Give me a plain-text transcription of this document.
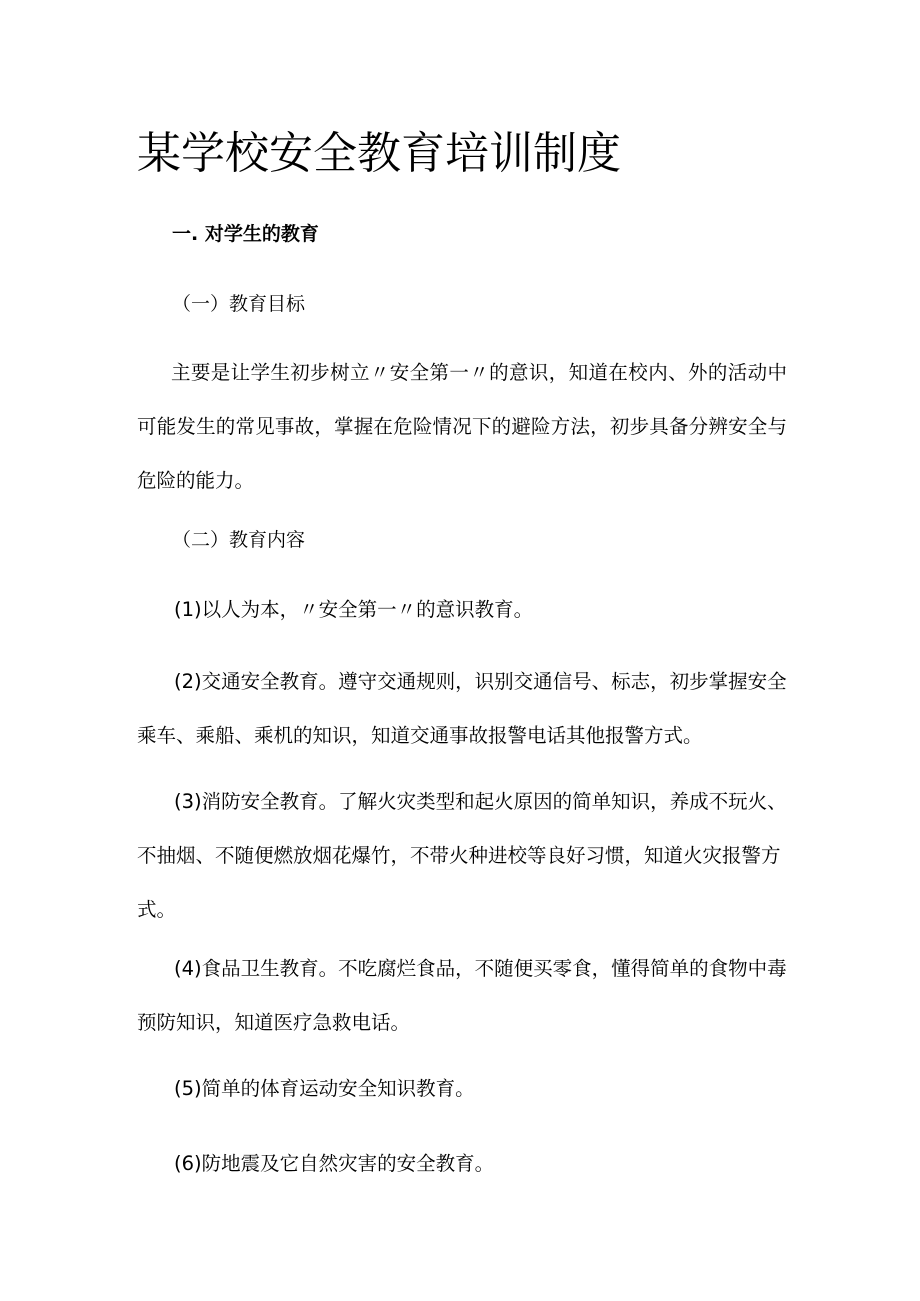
某学校安全教育培训制度

一. 对学生的教育

（一）教育目标

主要是让学生初步树立〃安全第一〃的意识，知道在校内、外的活动中可能发生的常见事故，掌握在危险情况下的避险方法，初步具备分辨安全与危险的能力。

（二）教育内容

(1)以人为本，〃安全第一〃的意识教育。

(2)交通安全教育。遵守交通规则，识别交通信号、标志，初步掌握安全乘车、乘船、乘机的知识，知道交通事故报警电话其他报警方式。

(3)消防安全教育。了解火灾类型和起火原因的简单知识，养成不玩火、不抽烟、不随便燃放烟花爆竹，不带火种进校等良好习惯，知道火灾报警方式。

(4)食品卫生教育。不吃腐烂食品，不随便买零食，懂得简单的食物中毒预防知识，知道医疗急救电话。

(5)简单的体育运动安全知识教育。

(6)防地震及它自然灾害的安全教育。
